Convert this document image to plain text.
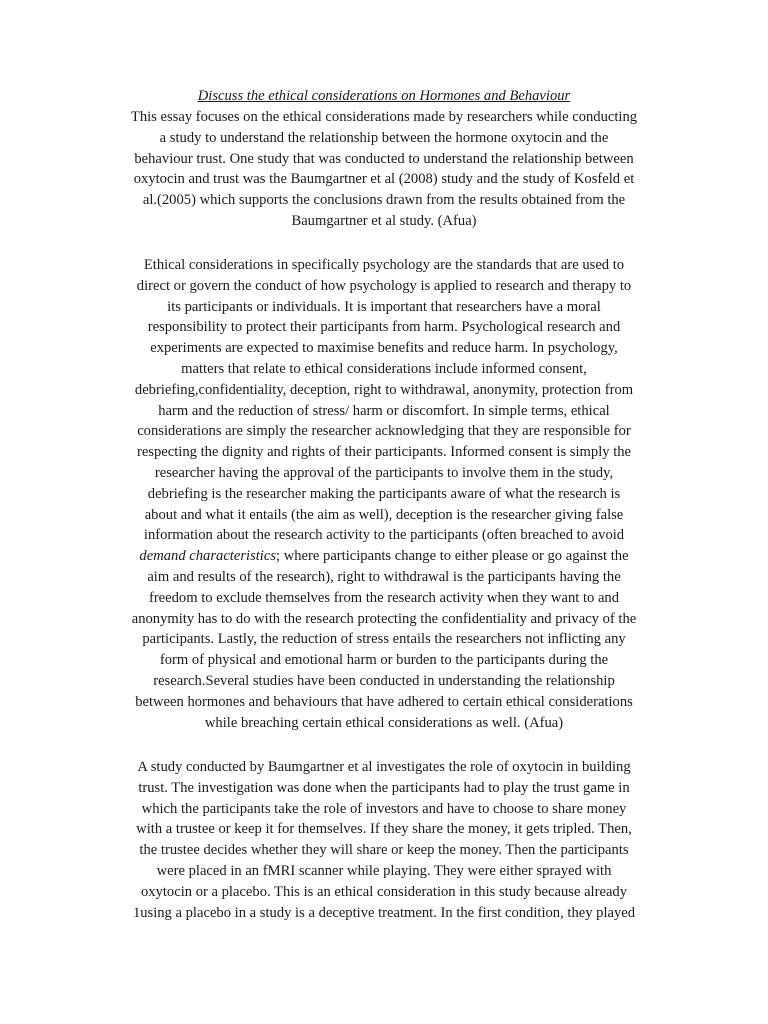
Discuss the ethical considerations on Hormones and Behaviour

This essay focuses on the ethical considerations made by researchers while conducting
a study to understand the relationship between the hormone oxytocin and the
behaviour trust. One study that was conducted to understand the relationship between
oxytocin and trust was the Baumgartner et al (2008) study and the study of Kosfeld et
al.(2005) which supports the conclusions drawn from the results obtained from the
Baumgartner et al study. (Afua)

Ethical considerations in specifically psychology are the standards that are used to
direct or govern the conduct of how psychology is applied to research and therapy to
its participants or individuals. It is important that researchers have a moral
responsibility to protect their participants from harm. Psychological research and
experiments are expected to maximise benefits and reduce harm. In psychology,
matters that relate to ethical considerations include informed consent,
debriefing,confidentiality, deception, right to withdrawal, anonymity, protection from
harm and the reduction of stress/ harm or discomfort. In simple terms, ethical
considerations are simply the researcher acknowledging that they are responsible for
respecting the dignity and rights of their participants. Informed consent is simply the
researcher having the approval of the participants to involve them in the study,
debriefing is the researcher making the participants aware of what the research is
about and what it entails (the aim as well), deception is the researcher giving false
information about the research activity to the participants (often breached to avoid
demand characteristics; where participants change to either please or go against the
aim and results of the research), right to withdrawal is the participants having the
freedom to exclude themselves from the research activity when they want to and
anonymity has to do with the research protecting the confidentiality and privacy of the
participants. Lastly, the reduction of stress entails the researchers not inflicting any
form of physical and emotional harm or burden to the participants during the
research.Several studies have been conducted in understanding the relationship
between hormones and behaviours that have adhered to certain ethical considerations
while breaching certain ethical considerations as well. (Afua)

A study conducted by Baumgartner et al investigates the role of oxytocin in building
trust. The investigation was done when the participants had to play the trust game in
which the participants take the role of investors and have to choose to share money
with a trustee or keep it for themselves. If they share the money, it gets tripled. Then,
the trustee decides whether they will share or keep the money. Then the participants
were placed in an fMRI scanner while playing. They were either sprayed with
oxytocin or a placebo. This is an ethical consideration in this study because already
1using a placebo in a study is a deceptive treatment. In the first condition, they played
